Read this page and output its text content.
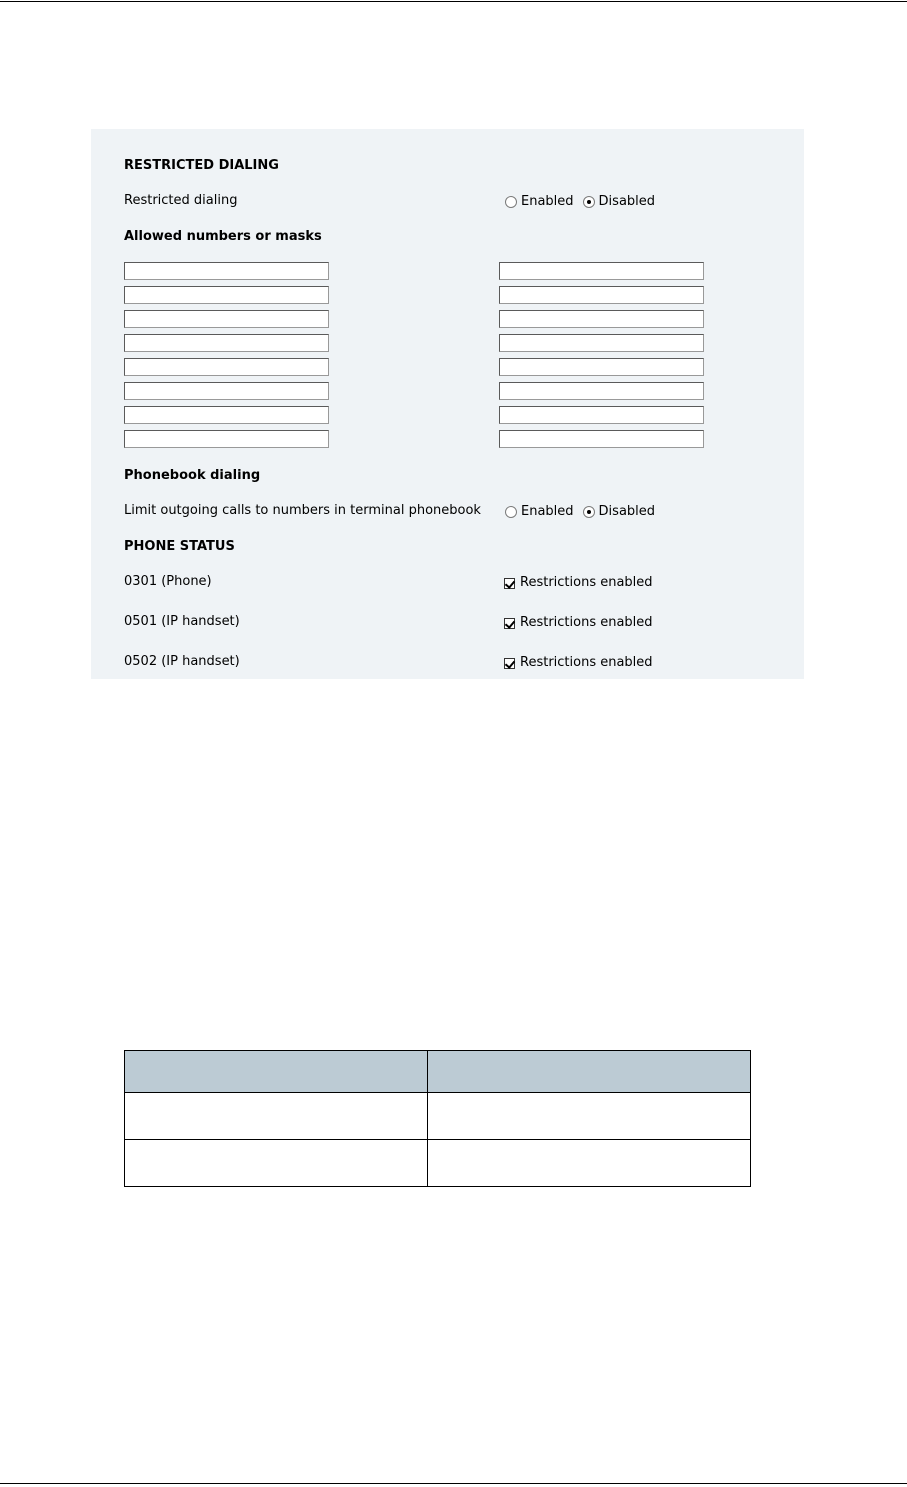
RESTRICTED DIALING
Restricted dialing	Enabled Disabled
Allowed numbers or masks
Phonebook dialing
Limit outgoing calls to numbers in terminal phonebook	Enabled Disabled
PHONE STATUS
0301 (Phone)	Restrictions enabled
0501 (IP handset)	Restrictions enabled
0502 (IP handset)	Restrictions enabled
